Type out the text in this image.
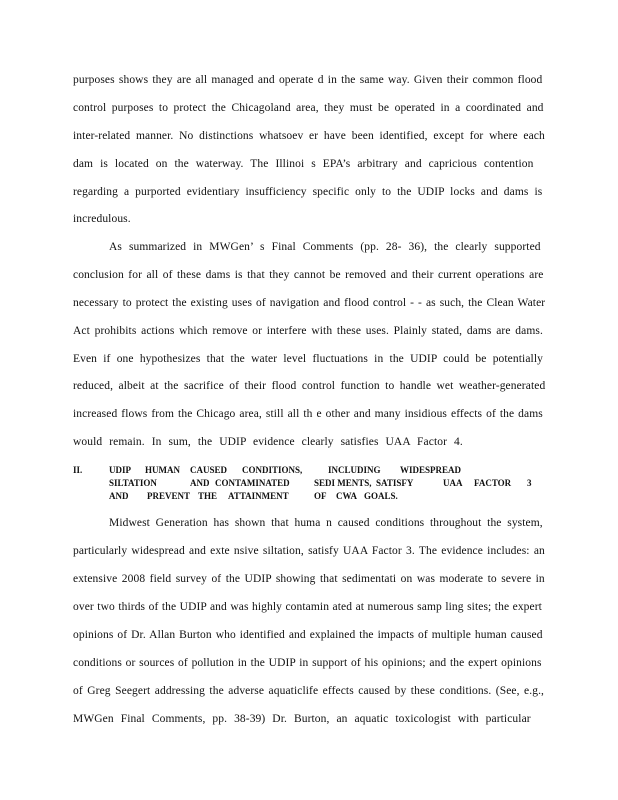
purposes shows they are all managed and operate d in the same way. Given their common flood
control purposes to protect the Chicagoland area, they must be operated in a coordinated and
inter-related manner. No distinctions whatsoev er have been identified, except for where each
dam is located on the waterway. The Illinoi s EPA’s arbitrary and capricious contention
regarding a purported evidentiary insufficiency specific only to the UDIP locks and dams is
incredulous.
As summarized in MWGen’ s Final Comments (pp. 28- 36), the clearly supported
conclusion for all of these dams is that they cannot be removed and their current operations are
necessary to protect the existing uses of navigation and flood control - - as such, the Clean Water
Act prohibits actions which remove or interfere with these uses. Plainly stated, dams are dams.
Even if one hypothesizes that the water level fluctuations in the UDIP could be potentially
reduced, albeit at the sacrifice of their flood control function to handle wet weather-generated
increased flows from the Chicago area, still all th e other and many insidious effects of the dams
would remain. In sum, the UDIP evidence clearly satisfies UAA Factor 4.
II.	UDIP HUMAN CAUSED CONDITIONS,	INCLUDING WIDESPREAD
SILTATION	AND CONTAMINATED	SEDI MENTS, SATISFY	UAA FACTOR 3
AND PREVENT THE ATTAINMENT	OF CWA GOALS.
Midwest Generation has shown that huma n caused conditions throughout the system,
particularly widespread and exte nsive siltation, satisfy UAA Factor 3. The evidence includes: an
extensive 2008 field survey of the UDIP showing that sedimentati on was moderate to severe in
over two thirds of the UDIP and was highly contamin ated at numerous samp ling sites; the expert
opinions of Dr. Allan Burton who identified and explained the impacts of multiple human caused
conditions or sources of pollution in the UDIP in support of his opinions; and the expert opinions
of Greg Seegert addressing the adverse aquaticlife effects caused by these conditions. (See, e.g.,
MWGen Final Comments, pp. 38-39) Dr. Burton, an aquatic toxicologist with particular
